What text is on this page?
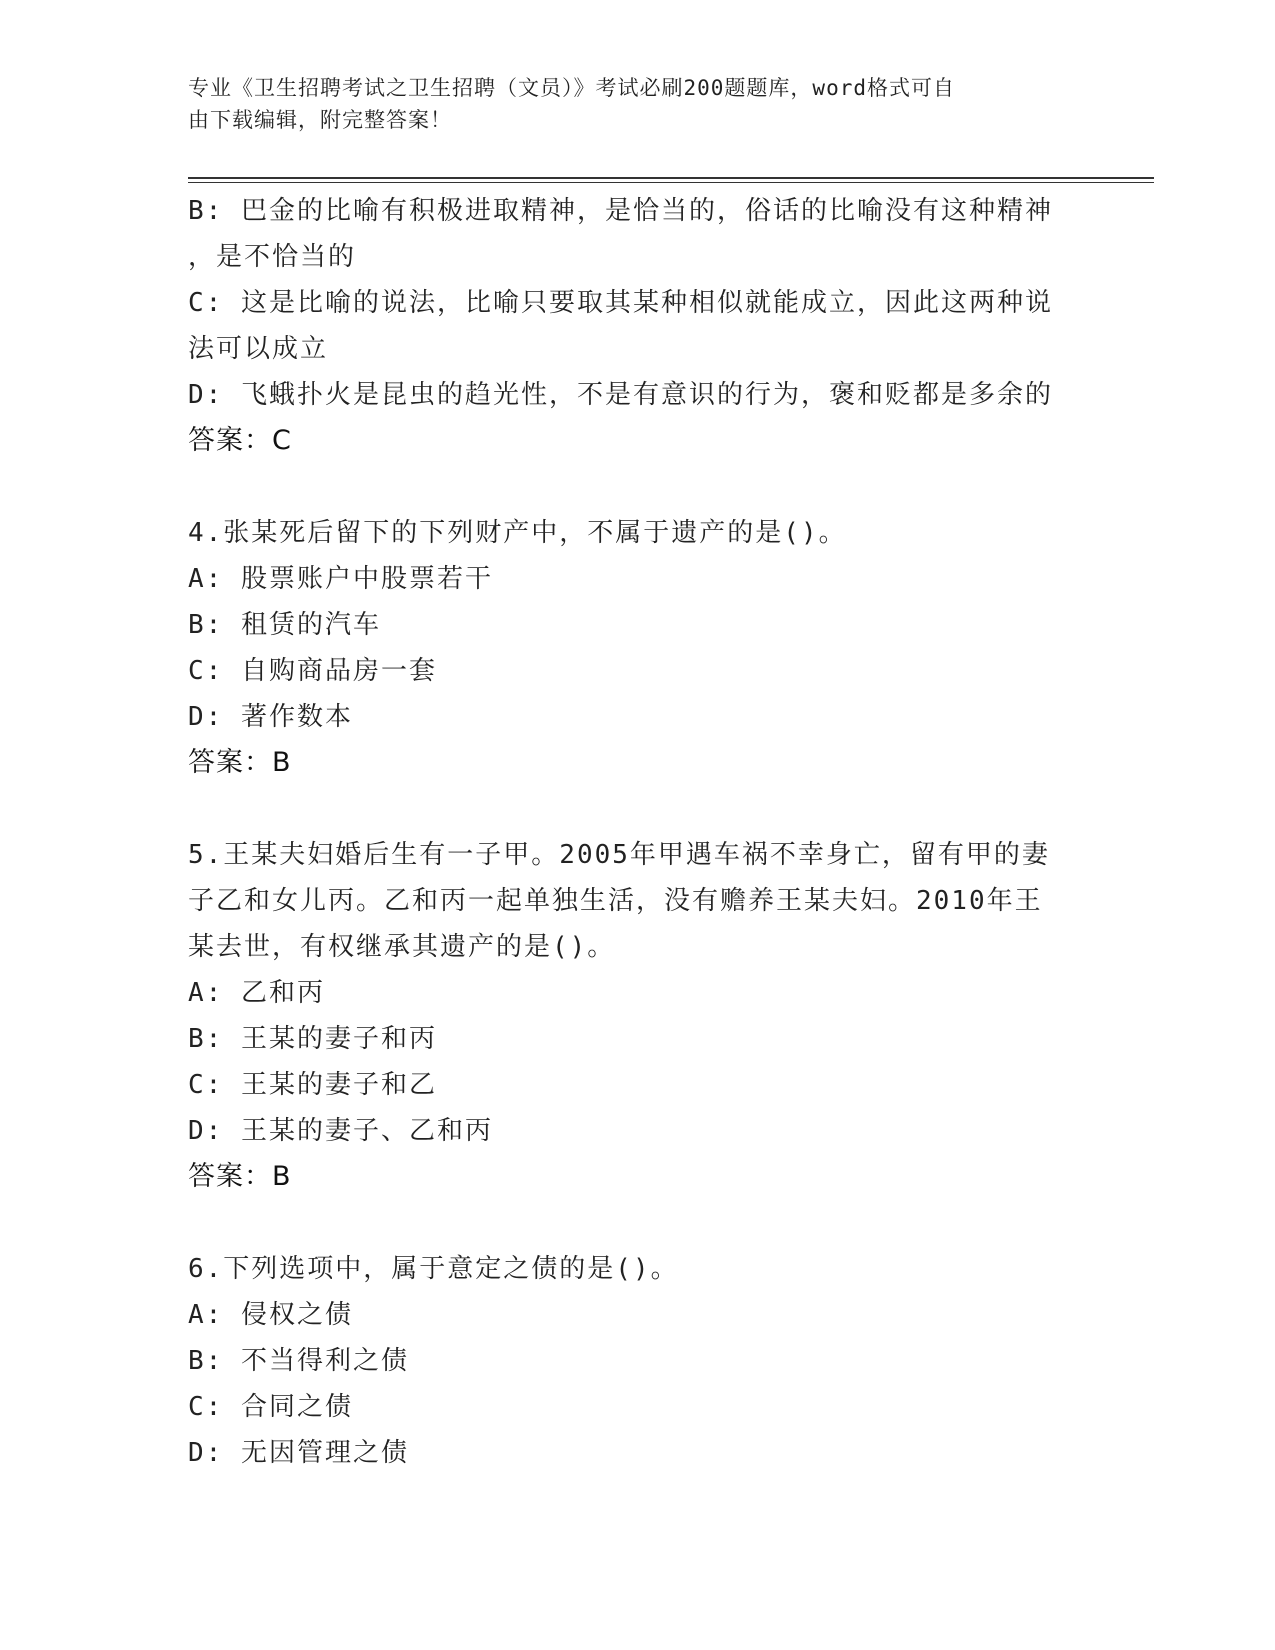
专业《卫生招聘考试之卫生招聘（文员）》考试必刷200题题库，word格式可自
由下载编辑，附完整答案！
B: 巴金的比喻有积极进取精神，是恰当的，俗话的比喻没有这种精神
，是不恰当的
C: 这是比喻的说法，比喻只要取其某种相似就能成立，因此这两种说
法可以成立
D: 飞蛾扑火是昆虫的趋光性，不是有意识的行为，褒和贬都是多余的
答案：C
4.张某死后留下的下列财产中，不属于遗产的是()。
A: 股票账户中股票若干
B: 租赁的汽车
C: 自购商品房一套
D: 著作数本
答案：B
5.王某夫妇婚后生有一子甲。2005年甲遇车祸不幸身亡，留有甲的妻
子乙和女儿丙。乙和丙一起单独生活，没有赡养王某夫妇。2010年王
某去世，有权继承其遗产的是()。
A: 乙和丙
B: 王某的妻子和丙
C: 王某的妻子和乙
D: 王某的妻子、乙和丙
答案：B
6.下列选项中，属于意定之债的是()。
A: 侵权之债
B: 不当得利之债
C: 合同之债
D: 无因管理之债
